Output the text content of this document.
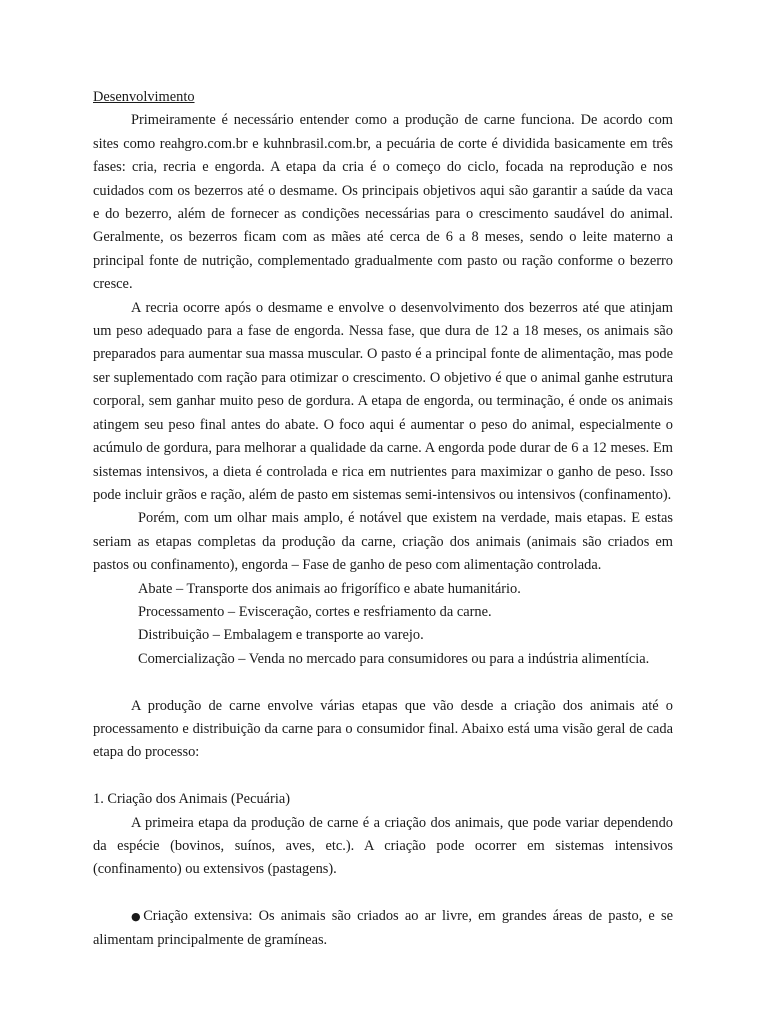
Desenvolvimento

Primeiramente é necessário entender como a produção de carne funciona. De acordo com sites como reahgro.com.br e kuhnbrasil.com.br, a pecuária de corte é dividida basicamente em três fases: cria, recria e engorda. A etapa da cria é o começo do ciclo, focada na reprodução e nos cuidados com os bezerros até o desmame. Os principais objetivos aqui são garantir a saúde da vaca e do bezerro, além de fornecer as condições necessárias para o crescimento saudável do animal. Geralmente, os bezerros ficam com as mães até cerca de 6 a 8 meses, sendo o leite materno a principal fonte de nutrição, complementado gradualmente com pasto ou ração conforme o bezerro cresce.

A recria ocorre após o desmame e envolve o desenvolvimento dos bezerros até que atinjam um peso adequado para a fase de engorda. Nessa fase, que dura de 12 a 18 meses, os animais são preparados para aumentar sua massa muscular. O pasto é a principal fonte de alimentação, mas pode ser suplementado com ração para otimizar o crescimento. O objetivo é que o animal ganhe estrutura corporal, sem ganhar muito peso de gordura. A etapa de engorda, ou terminação, é onde os animais atingem seu peso final antes do abate. O foco aqui é aumentar o peso do animal, especialmente o acúmulo de gordura, para melhorar a qualidade da carne. A engorda pode durar de 6 a 12 meses. Em sistemas intensivos, a dieta é controlada e rica em nutrientes para maximizar o ganho de peso. Isso pode incluir grãos e ração, além de pasto em sistemas semi-intensivos ou intensivos (confinamento).

Porém, com um olhar mais amplo, é notável que existem na verdade, mais etapas. E estas seriam as etapas completas da produção da carne, criação dos animais (animais são criados em pastos ou confinamento), engorda – Fase de ganho de peso com alimentação controlada.

Abate – Transporte dos animais ao frigorífico e abate humanitário.

Processamento – Evisceração, cortes e resfriamento da carne.

Distribuição – Embalagem e transporte ao varejo.

Comercialização – Venda no mercado para consumidores ou para a indústria alimentícia.

A produção de carne envolve várias etapas que vão desde a criação dos animais até o processamento e distribuição da carne para o consumidor final. Abaixo está uma visão geral de cada etapa do processo:

1. Criação dos Animais (Pecuária)

A primeira etapa da produção de carne é a criação dos animais, que pode variar dependendo da espécie (bovinos, suínos, aves, etc.). A criação pode ocorrer em sistemas intensivos (confinamento) ou extensivos (pastagens).

●Criação extensiva: Os animais são criados ao ar livre, em grandes áreas de pasto, e se alimentam principalmente de gramíneas.
